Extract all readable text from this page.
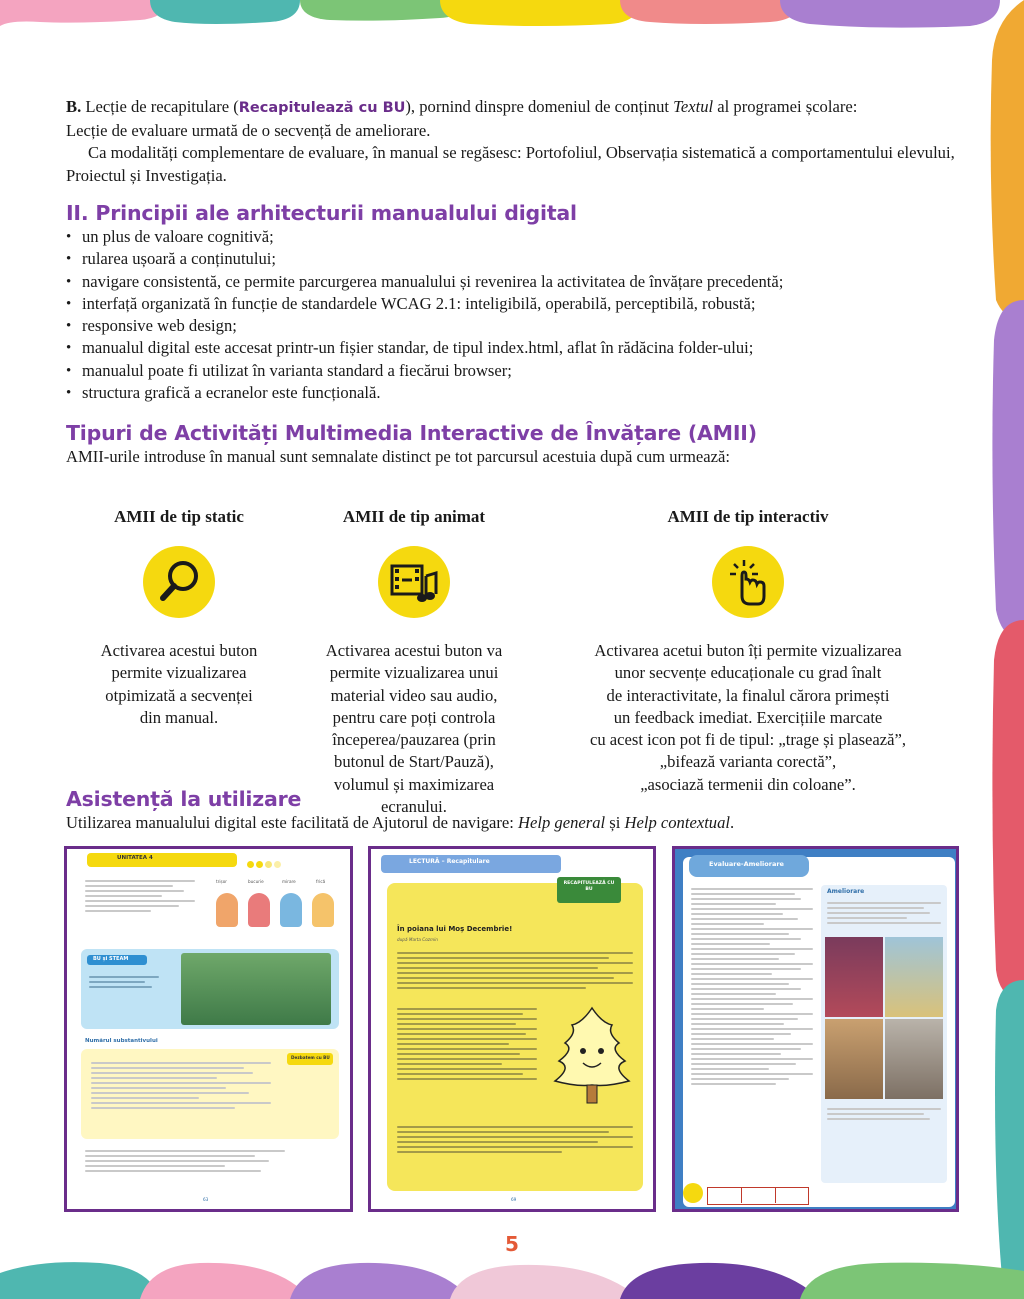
B. Lecție de recapitulare (Recapitulează cu BU), pornind dinspre domeniul de conținut Textul al programei școlare:

Lecție de evaluare urmată de o secvență de ameliorare.

Ca modalități complementare de evaluare, în manual se regăsesc: Portofoliul, Observația sistematică a comportamentului elevului, Proiectul și Investigația.

II. Principii ale arhitecturii manualului digital
• un plus de valoare cognitivă;
• rularea ușoară a conținutului;
• navigare consistentă, ce permite parcurgerea manualului și revenirea la activitatea de învățare precedentă;
• interfață organizată în funcție de standardele WCAG 2.1: inteligibilă, operabilă, perceptibilă, robustă;
• responsive web design;
• manualul digital este accesat printr-un fișier standar, de tipul index.html, aflat în rădăcina folder-ului;
• manualul poate fi utilizat în varianta standard a fiecărui browser;
• structura grafică a ecranelor este funcțională.
Tipuri de Activități Multimedia Interactive de Învățare (AMII)

AMII-urile introduse în manual sunt semnalate distinct pe tot parcursul acestuia după cum urmează:

AMII de tip static
Activarea acestui buton
permite vizualizarea
otpimizată a secvenței
din manual.
AMII de tip animat
Activarea acestui buton va
permite vizualizarea unui
material video sau audio,
pentru care poți controla
începerea/pauzarea (prin
butonul de Start/Pauză),
volumul și maximizarea
ecranului.
AMII de tip interactiv
Activarea acetui buton îți permite vizualizarea
unor secvențe educaționale cu grad înalt
de interactivitate, la finalul cărora primești
un feedback imediat. Exercițiile marcate
cu acest icon pot fi de tipul: „trage și plasează”,
„bifează varianta corectă”,
„asociază termenii din coloane”.
Asistență la utilizare

Utilizarea manualului digital este facilitată de Ajutorul de navigare: Help general și Help contextual.

UNITATEA 4
trișor	bucurie	mirare	frică
BU și STEAM
Numărul substantivului
Dezbatem cu BU
63
LECTURĂ – Recapitulare
În poiana lui Moș Decembrie!
după Marta Cozmin
RECAPITULEAZĂ CU BU
69
Evaluare-Ameliorare
Ameliorare
72
5
